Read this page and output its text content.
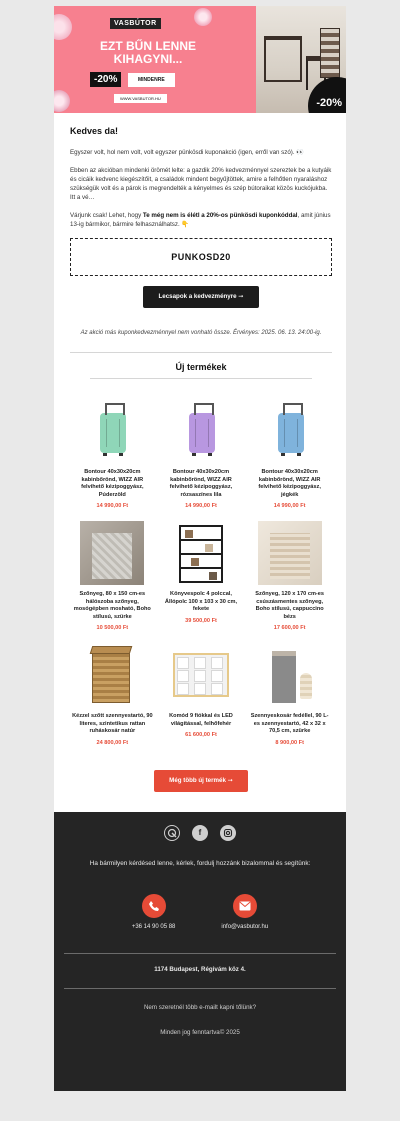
VASBÚTOR
EZT BŰN LENNE KIHAGYNI...
-20%	MINDENRE
WWW.VASBUTOR.HU	-20%
Kedves da!

Egyszer volt, hol nem volt, volt egyszer pünkösdi kuponakció (igen, erről van szó). 👀

Ebben az akcióban mindenki örömét lelte: a gazdik 20% kedvezménnyel szereztek be a kutyáik és cicáik kedvenc kiegészítőit, a családok mindent begyűjtöttek, amire a felhőtlen nyaraláshoz szükségük volt és a párok is megrendelték a kényelmes és szép bútoraikat közös kuckójukba.
Itt a vé…

Várjunk csak! Lehet, hogy Te még nem is élétl a 20%-os pünkösdi kuponkóddal, amit június 13-ig bármikor, bármire felhasználhatsz. 👇

PUNKOSD20
Lecsapok a kedvezményre ➞

Az akció más kuponkedvezménnyel nem vonható össze. Érvényes: 2025. 06. 13. 24:00-ig.

Új termékek
Bontour 40x30x20cm kabinbőrönd, WIZZ AIR felvihető kézipoggyász, Púderzöld
14 990,00 Ft
Bontour 40x30x20cm kabinbőrönd, WIZZ AIR felvihető kézipoggyász, rózsaszínes lila
14 990,00 Ft
Bontour 40x30x20cm kabinbőrönd, WIZZ AIR felvihető kézipoggyász, jégkék
14 990,00 Ft
Szőnyeg, 80 x 150 cm-es hálószoba szőnyeg, mosógépben mosható, Boho stílusú, szürke
10 500,00 Ft
Könyvespolc 4 polccal, Állópolc 100 x 103 x 30 cm, fekete
39 500,00 Ft
Szőnyeg, 120 x 170 cm-es csúszásmentes szőnyeg, Boho stílusú, cappuccino bézs
17 600,00 Ft
Kézzel szőtt szennyestartó, 90 literes, szintetikus rattan ruháskosár natúr
24 800,00 Ft
Komód 9 fiókkal és LED világítással, felhőfehér
61 600,00 Ft
Szennyeskosár fedéllel, 90 L-es szennyestartó, 42 x 32 x 70,5 cm, szürke
8 900,00 Ft
Még több új termék ➞
f
Ha bármilyen kérdésed lenne, kérlek, fordulj hozzánk bizalommal és segítünk:
+36 14 90 05 88	info@vasbutor.hu
1174 Budapest, Régivám köz 4.
Nem szeretnél több e-mailt kapni tőlünk?
Minden jog fenntartva© 2025
